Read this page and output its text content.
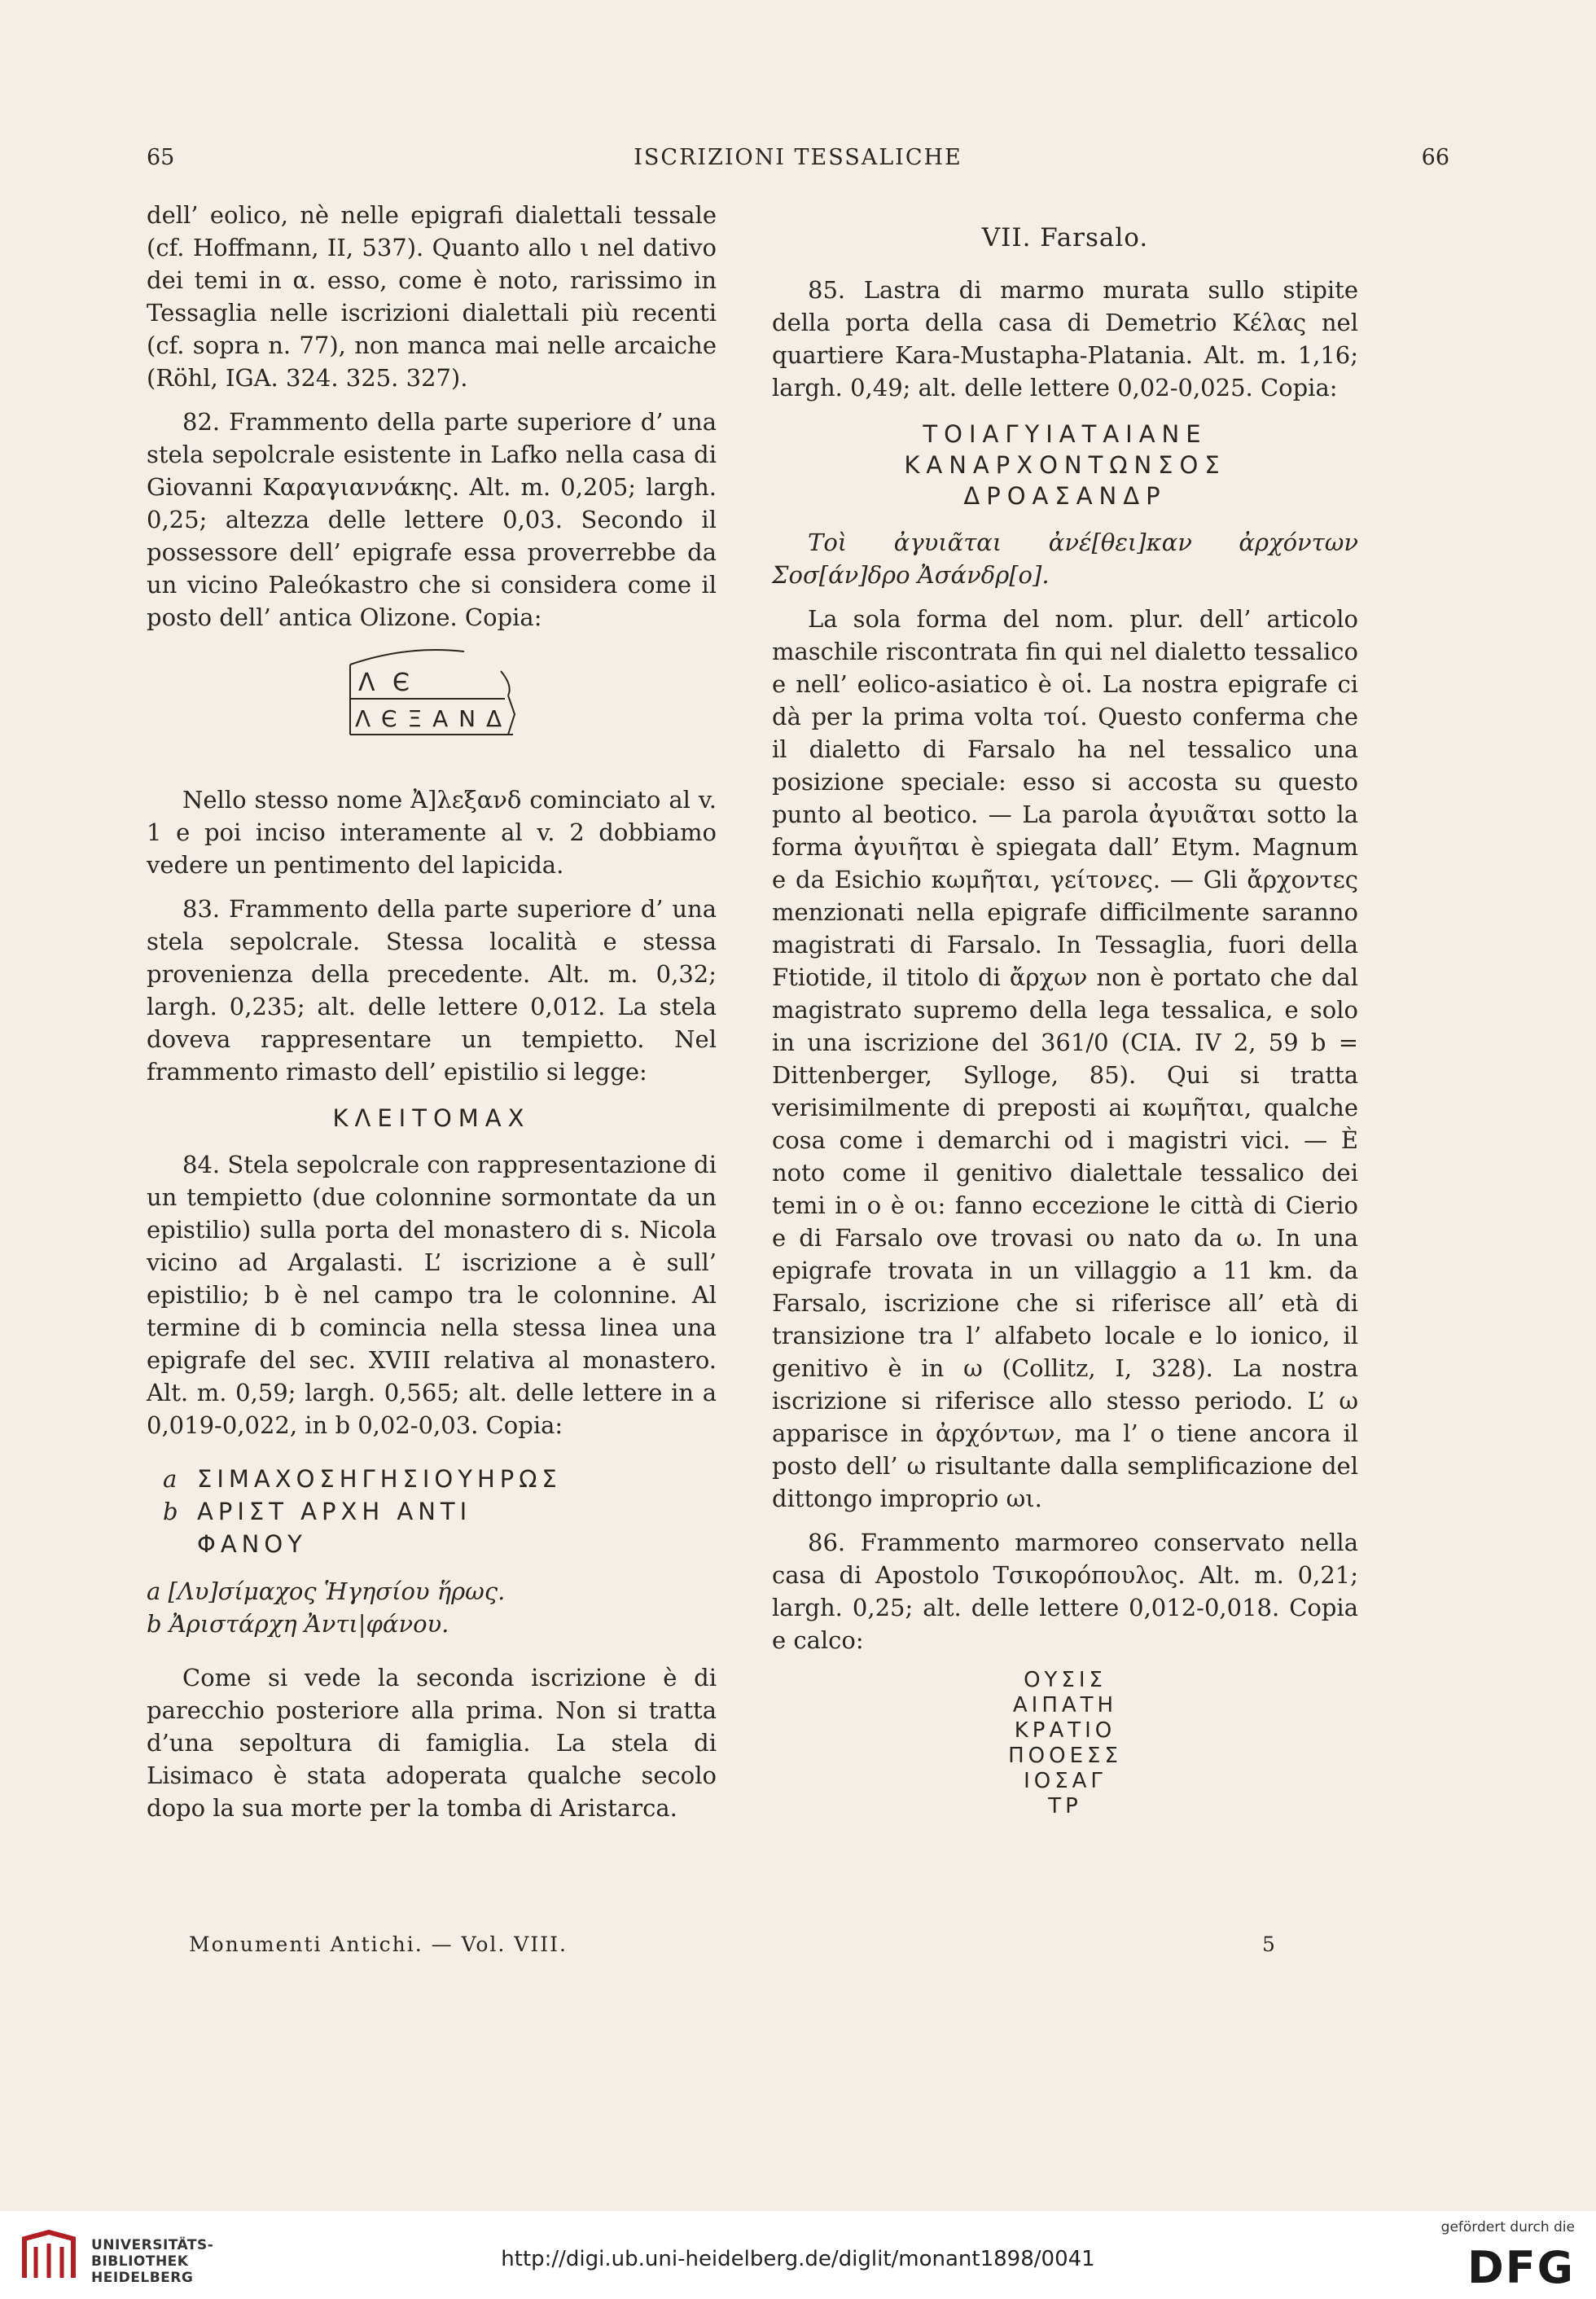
65	ISCRIZIONI TESSALICHE	66

dell’ eolico, nè nelle epigrafi dialettali tessale (cf. Hoffmann, II, 537). Quanto allo ι nel dativo dei temi in α. esso, come è noto, rarissimo in Tessaglia nelle iscrizioni dialettali più recenti (cf. sopra n. 77), non manca mai nelle arcaiche (Röhl, IGA. 324. 325. 327).

82. Frammento della parte superiore d’ una stela sepolcrale esistente in Lafko nella casa di Giovanni Καραγιαννάκης. Alt. m. 0,205; largh. 0,25; altezza delle lettere 0,03. Secondo il possessore dell’ epigrafe essa proverrebbe da un vicino Paleókastro che si considera come il posto dell’ antica Olizone. Copia:

Λ Є
Λ Є Ξ Α Ν Δ

Nello stesso nome Ἀ]λεξανδ cominciato al v. 1 e poi inciso interamente al v. 2 dobbiamo vedere un pentimento del lapicida.

83. Frammento della parte superiore d’ una stela sepolcrale. Stessa località e stessa provenienza della precedente. Alt. m. 0,32; largh. 0,235; alt. delle lettere 0,012. La stela doveva rappresentare un tempietto. Nel frammento rimasto dell’ epistilio si legge:

ΚΛΕΙΤΟΜΑΧ

84. Stela sepolcrale con rappresentazione di un tempietto (due colonnine sormontate da un epistilio) sulla porta del monastero di s. Nicola vicino ad Argalasti. L’ iscrizione a è sull’ epistilio; b è nel campo tra le colonnine. Al termine di b comincia nella stessa linea una epigrafe del sec. XVIII relativa al monastero. Alt. m. 0,59; largh. 0,565; alt. delle lettere in a 0,019-0,022, in b 0,02-0,03. Copia:

a ΣΙΜΑΧΟΣΗΓΗΣΙΟΥΗΡΩΣ
b ΑΡΙΣΤ ΑΡΧΗ ΑΝΤΙ
ΦΑΝΟΥ
a [Λυ]σίμαχος Ἡγησίου ἥρως.
b Ἀριστάρχη Ἀντι|φάνου.

Come si vede la seconda iscrizione è di parecchio posteriore alla prima. Non si tratta d’una sepoltura di famiglia. La stela di Lisimaco è stata adoperata qualche secolo dopo la sua morte per la tomba di Aristarca.

VII. Farsalo.

85. Lastra di marmo murata sullo stipite della porta della casa di Demetrio Κέλας nel quartiere Kara-Mustapha-Platania. Alt. m. 1,16; largh. 0,49; alt. delle lettere 0,02-0,025. Copia:

ΤΟΙΑΓΥΙΑΤΑΙΑΝΕ
ΚΑΝΑΡΧΟΝΤΩΝΣΟΣ
ΔΡΟΑΣΑΝΔΡ

Τοὶ ἀγυιᾶται ἀνέ[θει]καν ἀρχόντων Σοσ[άν]δρο Ἀσάνδρ[ο].

La sola forma del nom. plur. dell’ articolo maschile riscontrata fin qui nel dialetto tessalico e nell’ eolico-asiatico è οἱ. La nostra epigrafe ci dà per la prima volta τοί. Questo conferma che il dialetto di Farsalo ha nel tessalico una posizione speciale: esso si accosta su questo punto al beotico. — La parola ἀγυιᾶται sotto la forma ἀγυιῆται è spiegata dall’ Etym. Magnum e da Esichio κωμῆται, γείτονες. — Gli ἄρχοντες menzionati nella epigrafe difficilmente saranno magistrati di Farsalo. In Tessaglia, fuori della Ftiotide, il titolo di ἄρχων non è portato che dal magistrato supremo della lega tessalica, e solo in una iscrizione del 361/0 (CIA. IV 2, 59 b = Dittenberger, Sylloge, 85). Qui si tratta verisimilmente di preposti ai κωμῆται, qualche cosa come i demarchi od i magistri vici. — È noto come il genitivo dialettale tessalico dei temi in ο è οι: fanno eccezione le città di Cierio e di Farsalo ove trovasi ου nato da ω. In una epigrafe trovata in un villaggio a 11 km. da Farsalo, iscrizione che si riferisce all’ età di transizione tra l’ alfabeto locale e lo ionico, il genitivo è in ω (Collitz, I, 328). La nostra iscrizione si riferisce allo stesso periodo. L’ ω apparisce in ἀρχόντων, ma l’ ο tiene ancora il posto dell’ ω risultante dalla semplificazione del dittongo improprio ωι.

86. Frammento marmoreo conservato nella casa di Apostolo Τσικορόπουλος. Alt. m. 0,21; largh. 0,25; alt. delle lettere 0,012-0,018. Copia e calco:

ΟΥΣΙΣ
ΑΙΠΑΤΗ
ΚΡΑΤΙΟ
ΠΟΟΕΣΣ
ΙΟΣΑΓ
ΤΡ
Monumenti Antichi. — Vol. VIII.	5
UNIVERSITÄTS-
BIBLIOTHEK
HEIDELBERG
http://digi.ub.uni-heidelberg.de/diglit/monant1898/0041
gefördert durch die
DFG
